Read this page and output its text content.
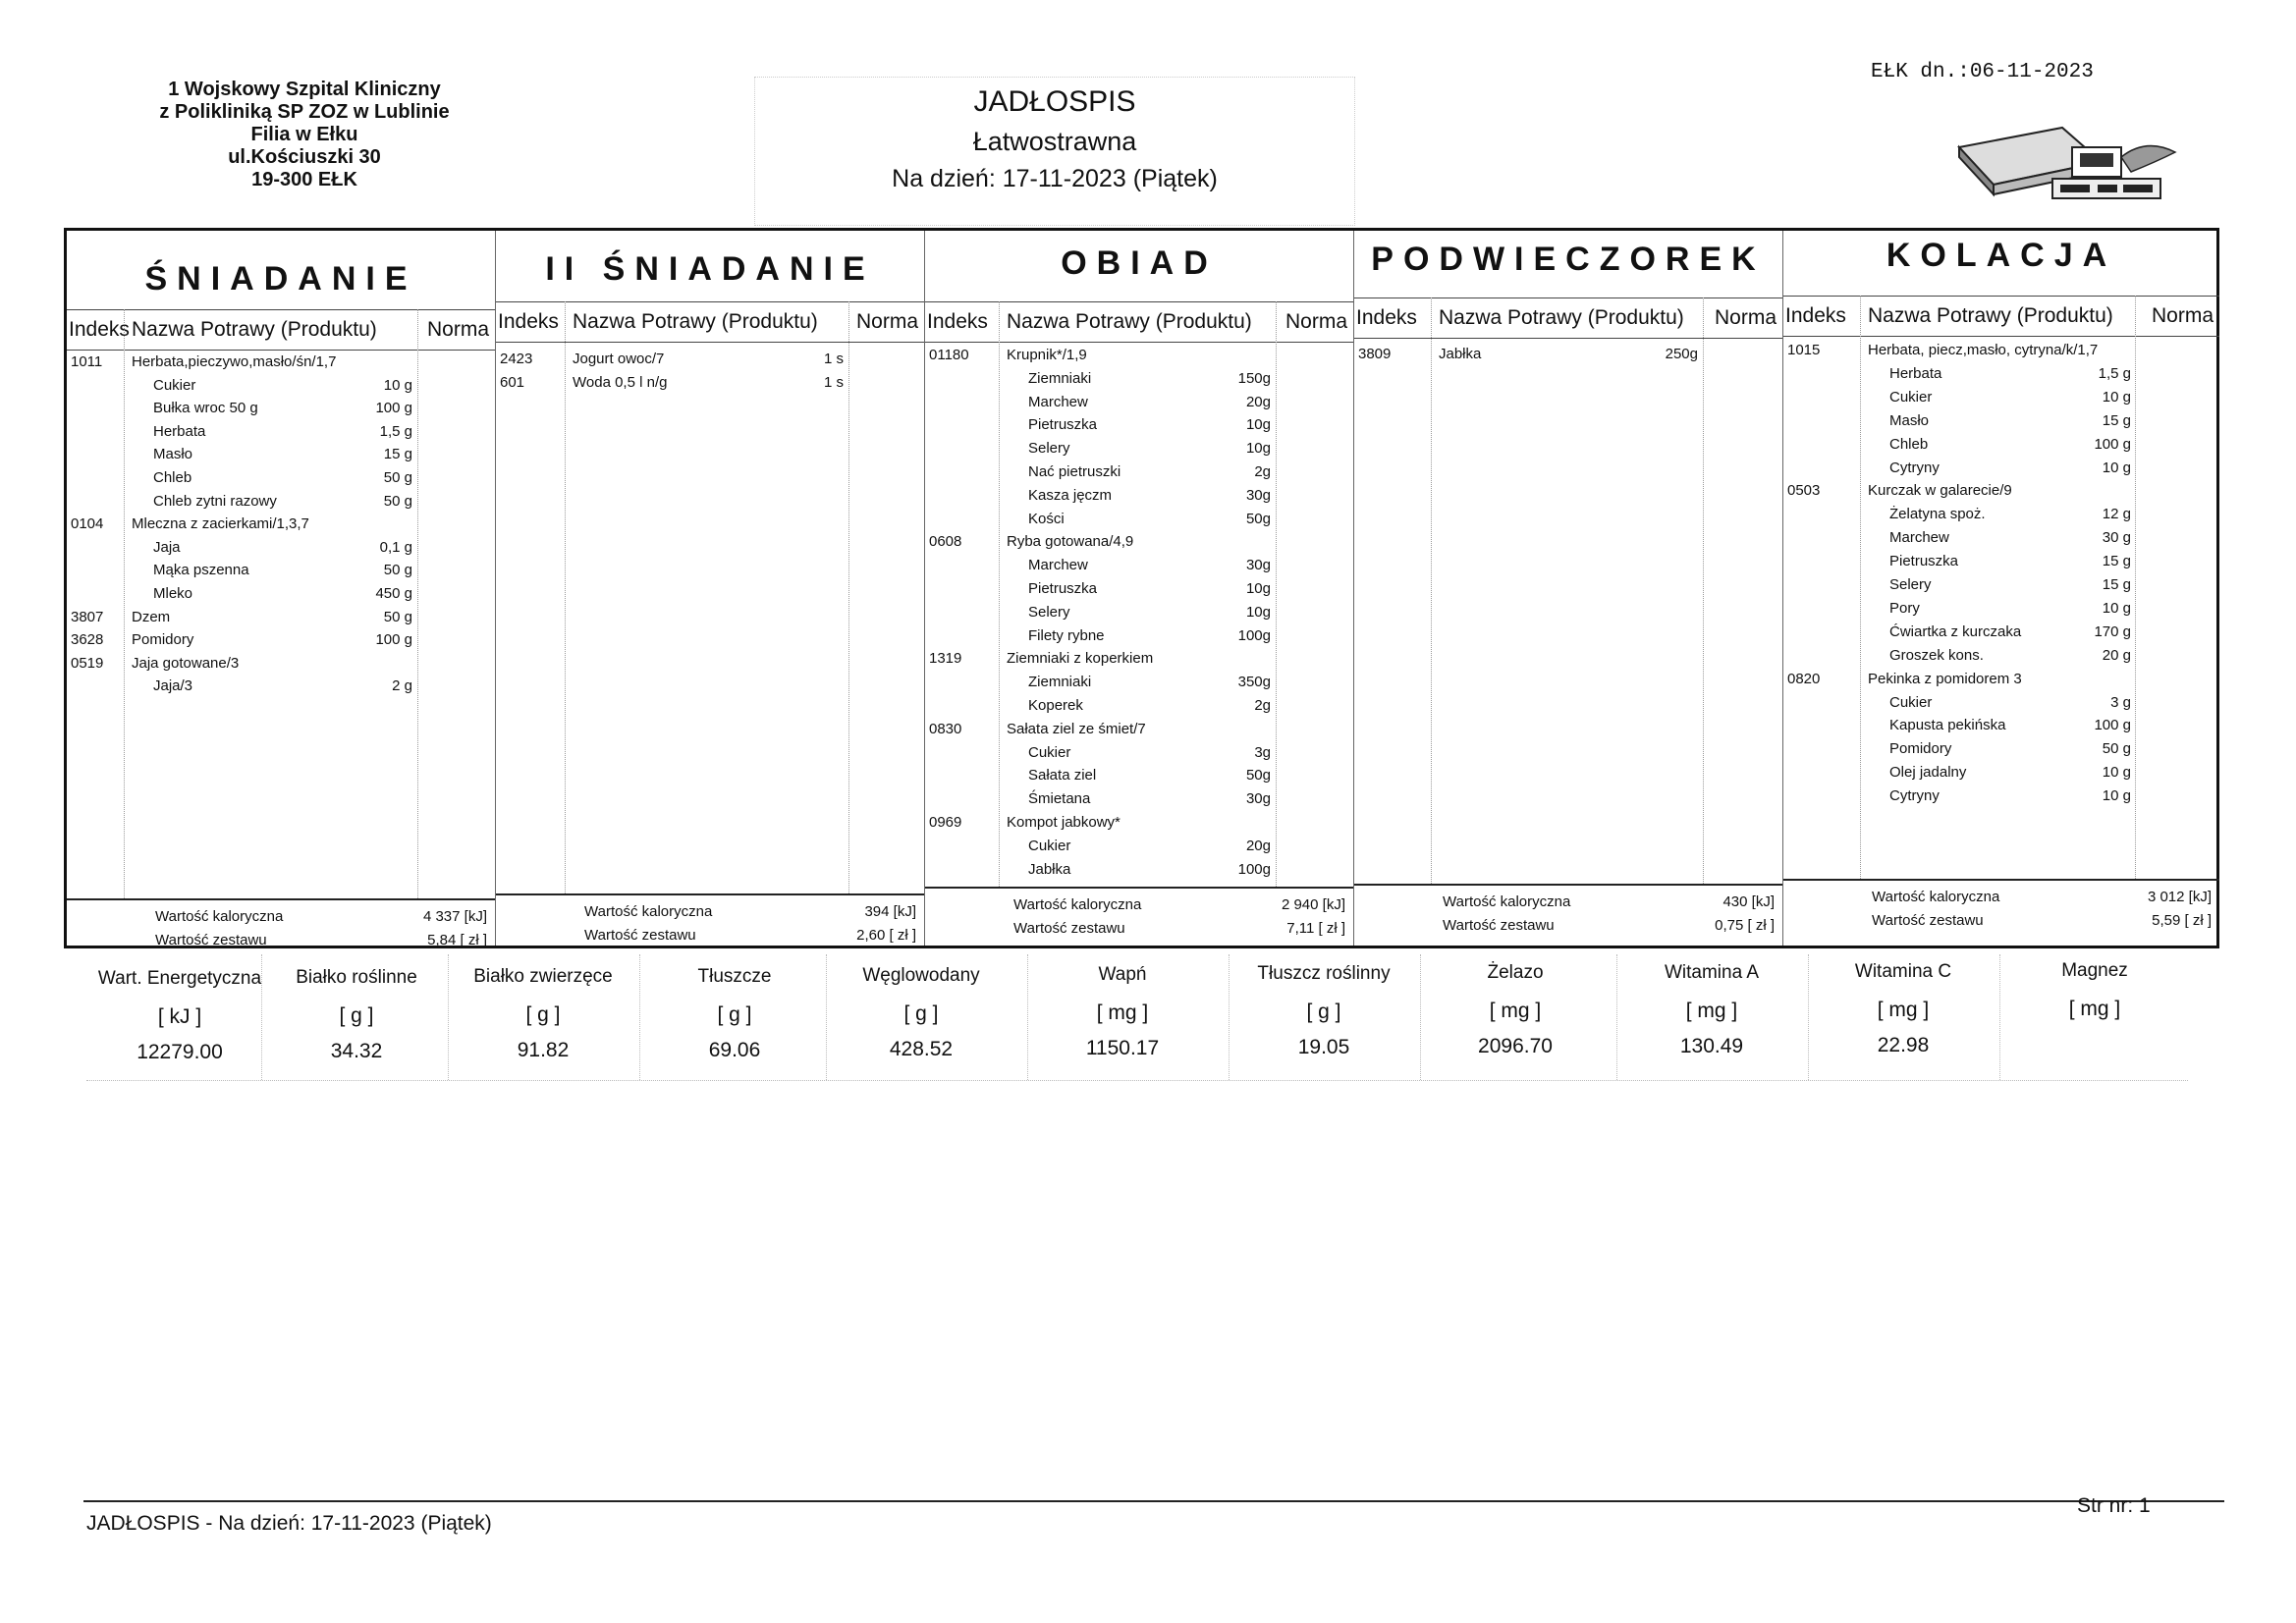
1 Wojskowy Szpital Kliniczny
z Polikliniką SP ZOZ w Lublinie
Filia w Ełku
ul.Kościuszki 30
19-300 EŁK
JADŁOSPIS
Łatwostrawna
Na dzień: 17-11-2023 (Piątek)
EŁK dn.:06-11-2023
ŚNIADANIE
Indeks Nazwa Potrawy (Produktu) Norma
1011 Herbata,pieczywo,masło/śn/1,7
Cukier	10 g
Bułka wroc 50 g	100 g
Herbata	1,5 g
Masło	15 g
Chleb	50 g
Chleb zytni razowy	50 g
0104 Mleczna z zacierkami/1,3,7
Jaja	0,1 g
Mąka pszenna	50 g
Mleko	450 g
3807 Dzem	50 g
3628 Pomidory	100 g
0519 Jaja gotowane/3
Jaja/3	2 g
Wartość kaloryczna	4 337 [kJ]
Wartość zestawu	5,84 [ zł ]
II ŚNIADANIE
Indeks Nazwa Potrawy (Produktu) Norma
2423	Jogurt owoc/7	1 s
601	Woda 0,5 l n/g	1 s
Wartość kaloryczna	394 [kJ]
Wartość zestawu	2,60 [ zł ]
OBIAD
Indeks Nazwa Potrawy (Produktu) Norma
01180	Krupnik*/1,9
Ziemniaki	150g
Marchew	20g
Pietruszka	10g
Selery	10g
Nać pietruszki	2g
Kasza jęczm	30g
Kości	50g
0608	Ryba gotowana/4,9
Marchew	30g
Pietruszka	10g
Selery	10g
Filety rybne	100g
1319	Ziemniaki z koperkiem
Ziemniaki	350g
Koperek	2g
0830	Sałata ziel ze śmiet/7
Cukier	3g
Sałata ziel	50g
Śmietana	30g
0969	Kompot jabkowy*
Cukier	20g
Jabłka	100g
Wartość kaloryczna	2 940 [kJ]
Wartość zestawu	7,11 [ zł ]
PODWIECZOREK
Indeks Nazwa Potrawy (Produktu) Norma
3809	Jabłka	250g
Wartość kaloryczna	430 [kJ]
Wartość zestawu	0,75 [ zł ]
KOLACJA
Indeks Nazwa Potrawy (Produktu) Norma
1015	Herbata, piecz,masło, cytryna/k/1,7
Herbata	1,5 g
Cukier	10 g
Masło	15 g
Chleb	100 g
Cytryny	10 g
0503	Kurczak w galarecie/9
Żelatyna spoż.	12 g
Marchew	30 g
Pietruszka	15 g
Selery	15 g
Pory	10 g
Ćwiartka z kurczaka	170 g
Groszek kons.	20 g
0820	Pekinka z pomidorem 3
Cukier	3 g
Kapusta pekińska	100 g
Pomidory	50 g
Olej jadalny	10 g
Cytryny	10 g
Wartość kaloryczna	3 012 [kJ]
Wartość zestawu	5,59 [ zł ]
Wart. Energetyczna
[ kJ ]
12279.00
Białko roślinne
[ g ]
34.32
Białko zwierzęce
[ g ]
91.82
Tłuszcze
[ g ]
69.06
Węglowodany
[ g ]
428.52
Wapń
[ mg ]
1150.17
Tłuszcz roślinny
[ g ]
19.05
Żelazo
[ mg ]
2096.70
Witamina A
[ mg ]
130.49
Witamina C
[ mg ]
22.98
Magnez
[ mg ]
JADŁOSPIS - Na dzień: 17-11-2023 (Piątek)
Str nr: 1
